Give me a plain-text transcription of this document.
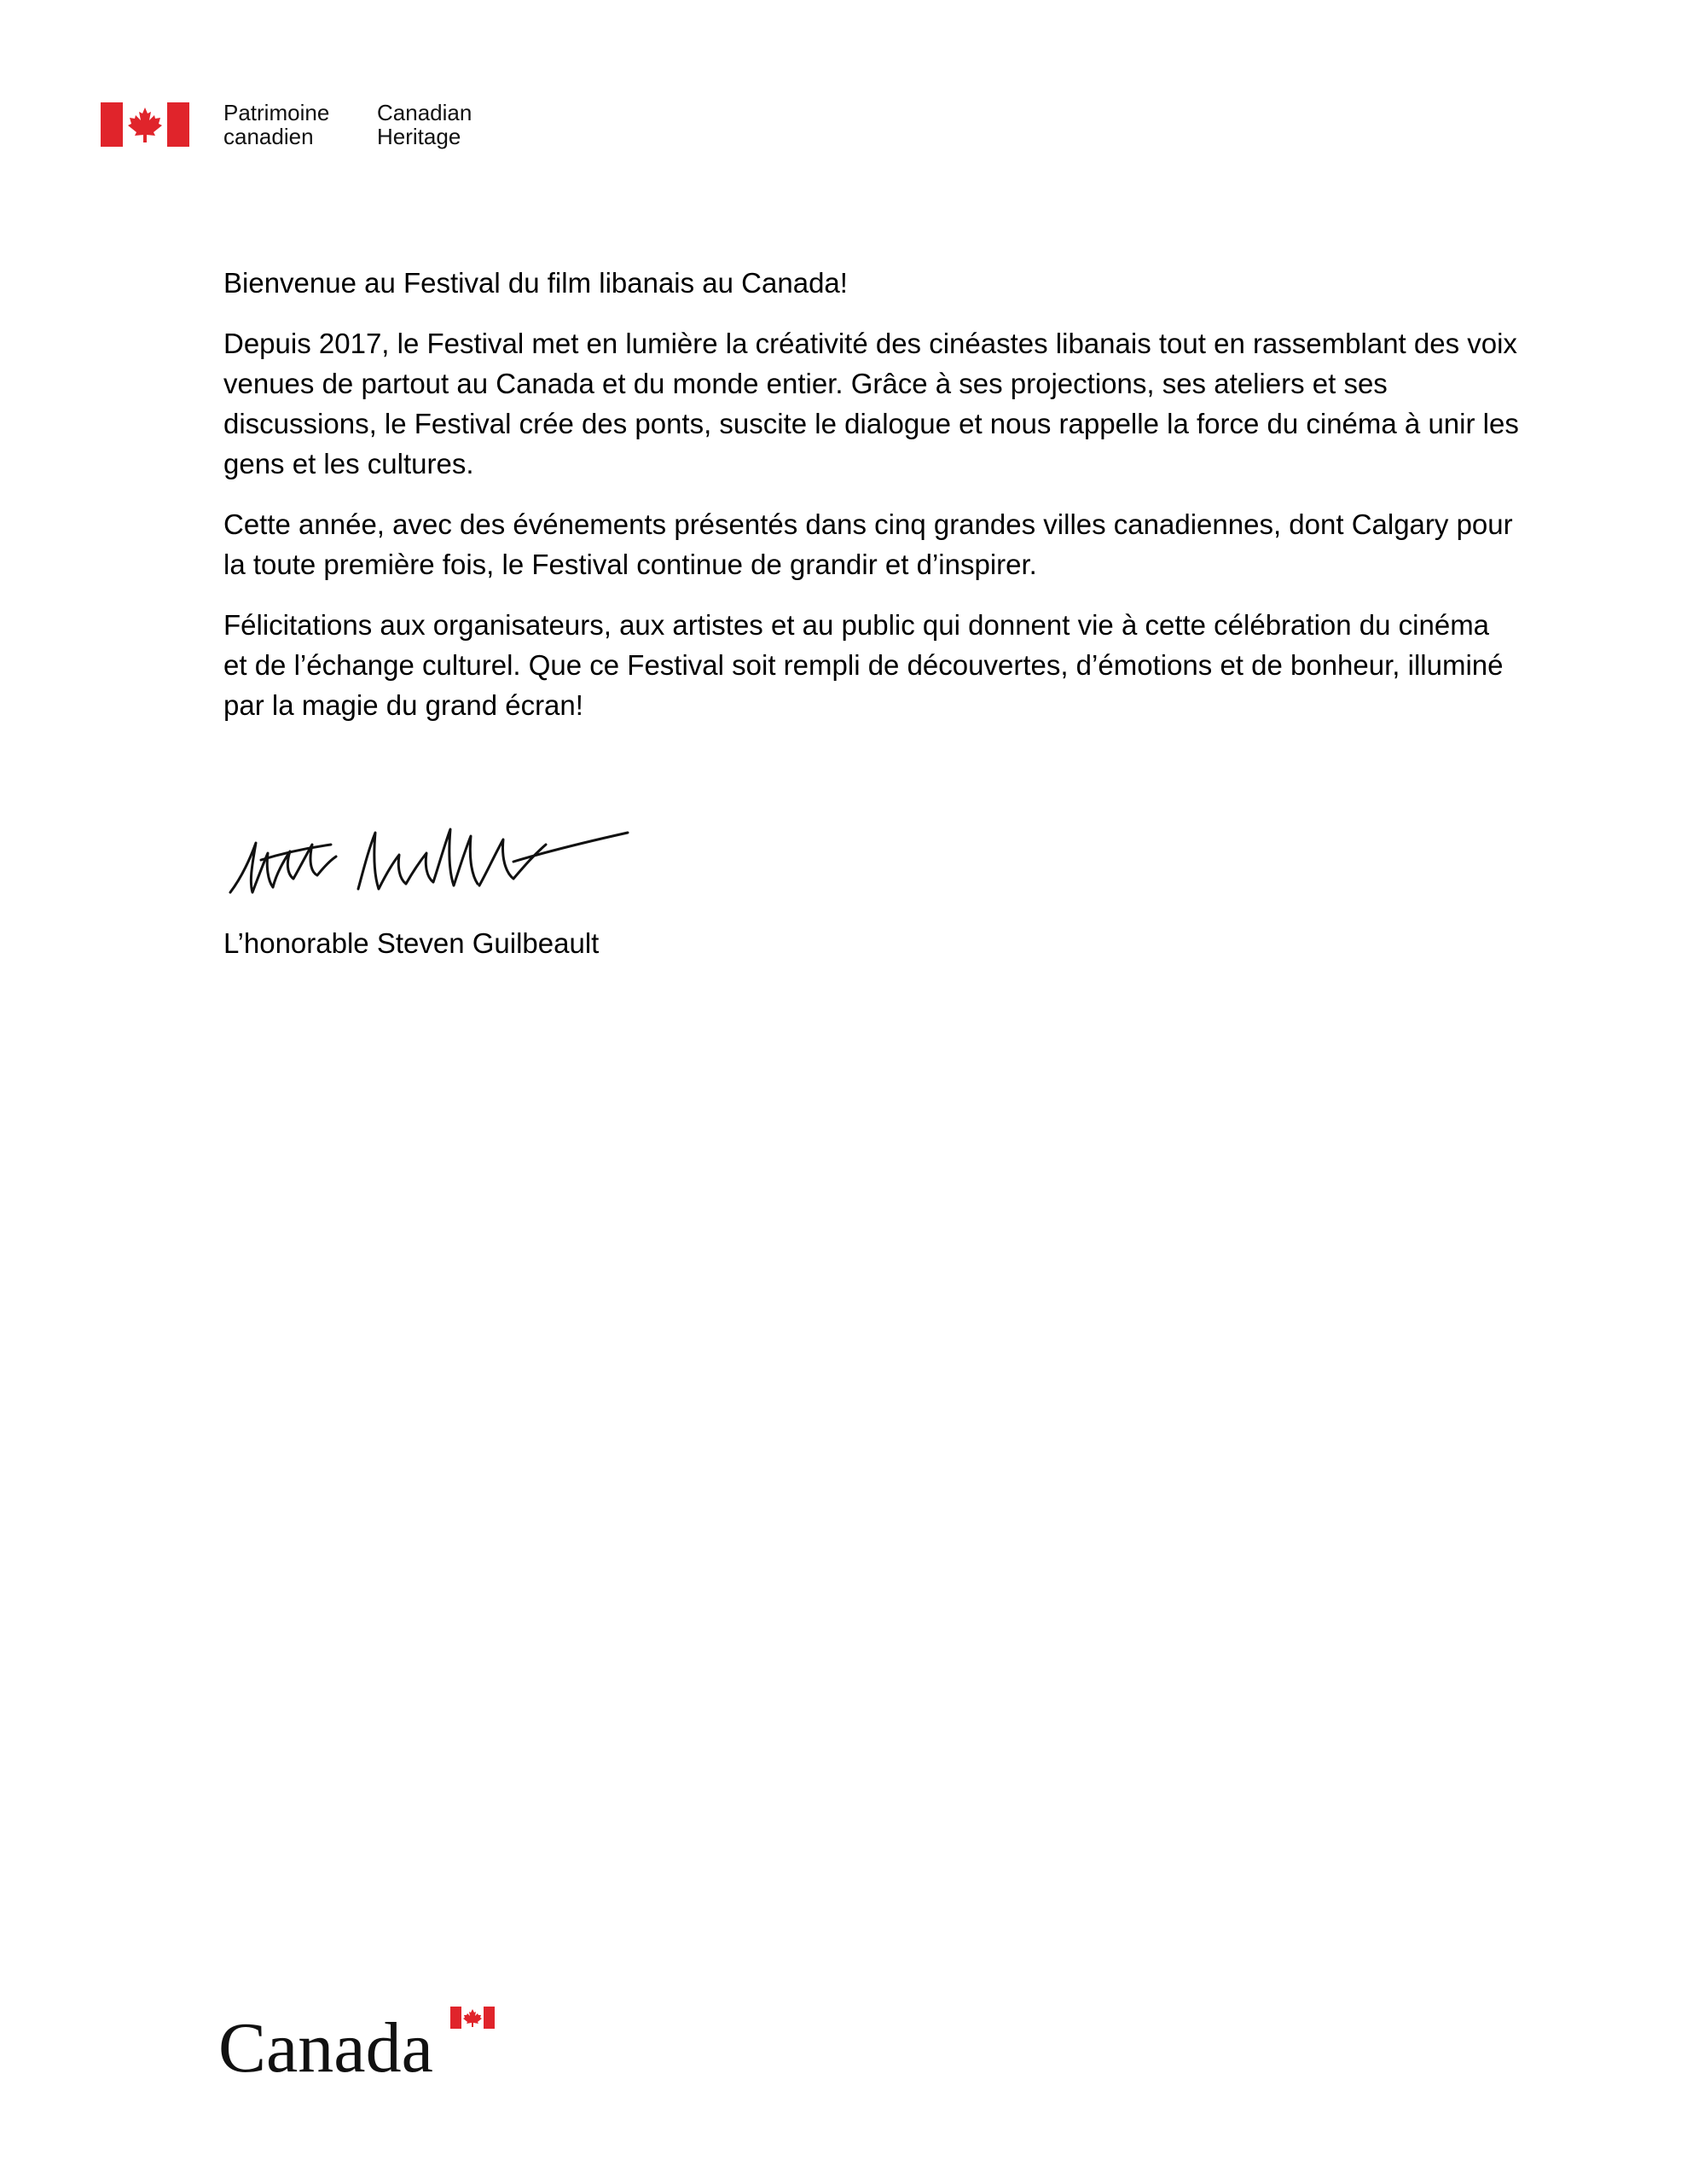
Patrimoine
canadien
Canadian
Heritage

Bienvenue au Festival du film libanais au Canada!

Depuis 2017, le Festival met en lumière la créativité des cinéastes libanais tout en rassemblant des voix venues de partout au Canada et du monde entier. Grâce à ses projections, ses ateliers et ses discussions, le Festival crée des ponts, suscite le dialogue et nous rappelle la force du cinéma à unir les gens et les cultures.

Cette année, avec des événements présentés dans cinq grandes villes canadiennes, dont Calgary pour la toute première fois, le Festival continue de grandir et d’inspirer.

Félicitations aux organisateurs, aux artistes et au public qui donnent vie à cette célébration du cinéma et de l’échange culturel. Que ce Festival soit rempli de découvertes, d’émotions et de bonheur, illuminé par la magie du grand écran!

L’honorable Steven Guilbeault
Canada
